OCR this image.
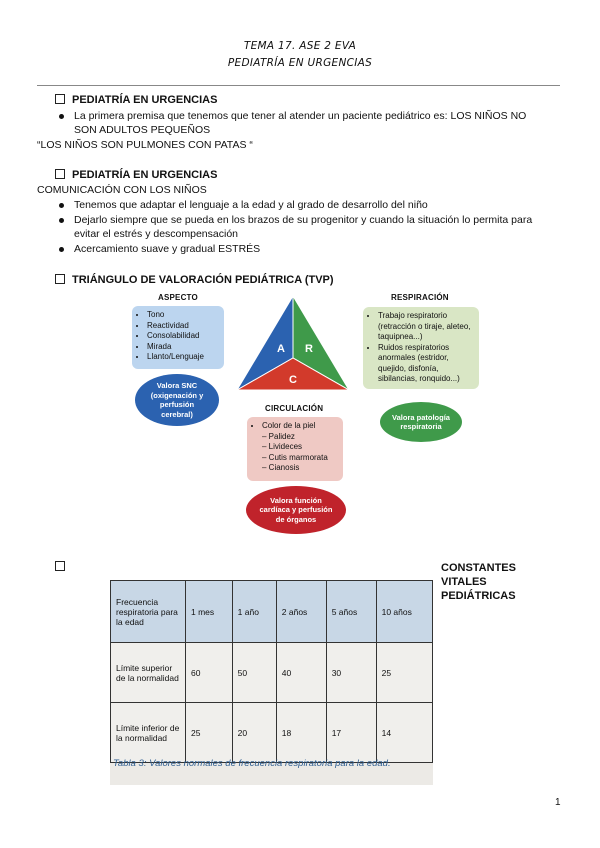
TEMA 17. ASE 2 EVA
PEDIATRÍA EN URGENCIAS
PEDIATRÍA EN URGENCIAS
La primera premisa que tenemos que tener al atender un paciente pediátrico es: LOS NIÑOS NO
SON ADULTOS PEQUEÑOS
“LOS NIÑOS SON PULMONES CON PATAS “
PEDIATRÍA EN URGENCIAS
COMUNICACIÓN CON LOS NIÑOS
Tenemos que adaptar el lenguaje a la edad y al grado de desarrollo del niño
Dejarlo siempre que se pueda en los brazos de su progenitor y cuando la situación lo permita para
evitar el estrés y descompensación
Acercamiento suave y gradual ESTRÉS
TRIÁNGULO DE VALORACIÓN PEDIÁTRICA (TVP)
ASPECTO
• Tono
• Reactividad
• Consolabilidad
• Mirada
• Llanto/Lenguaje
Valora SNC (oxigenación y perfusión cerebral)
A R
C
RESPIRACIÓN
• Trabajo respiratorio (retracción o tiraje, aleteo, taquipnea...)
• Ruidos respiratorios anormales (estridor, quejido, disfonía, sibilancias, ronquido...)
Valora patología respiratoria
CIRCULACIÓN
• Color de la piel
– Palidez
– Livideces
– Cutis marmorata
– Cianosis
Valora función cardíaca y perfusión de órganos
CONSTANTES
VITALES
PEDIÁTRICAS
Frecuencia respiratoria para la edad	1 mes	1 año	2 años	5 años	10 años
Límite superior de la normalidad	60	50	40	30	25
Límite inferior de la normalidad	25	20	18	17	14
Tabla 3: Valores normales de frecuencia respiratoria para la edad.
1
